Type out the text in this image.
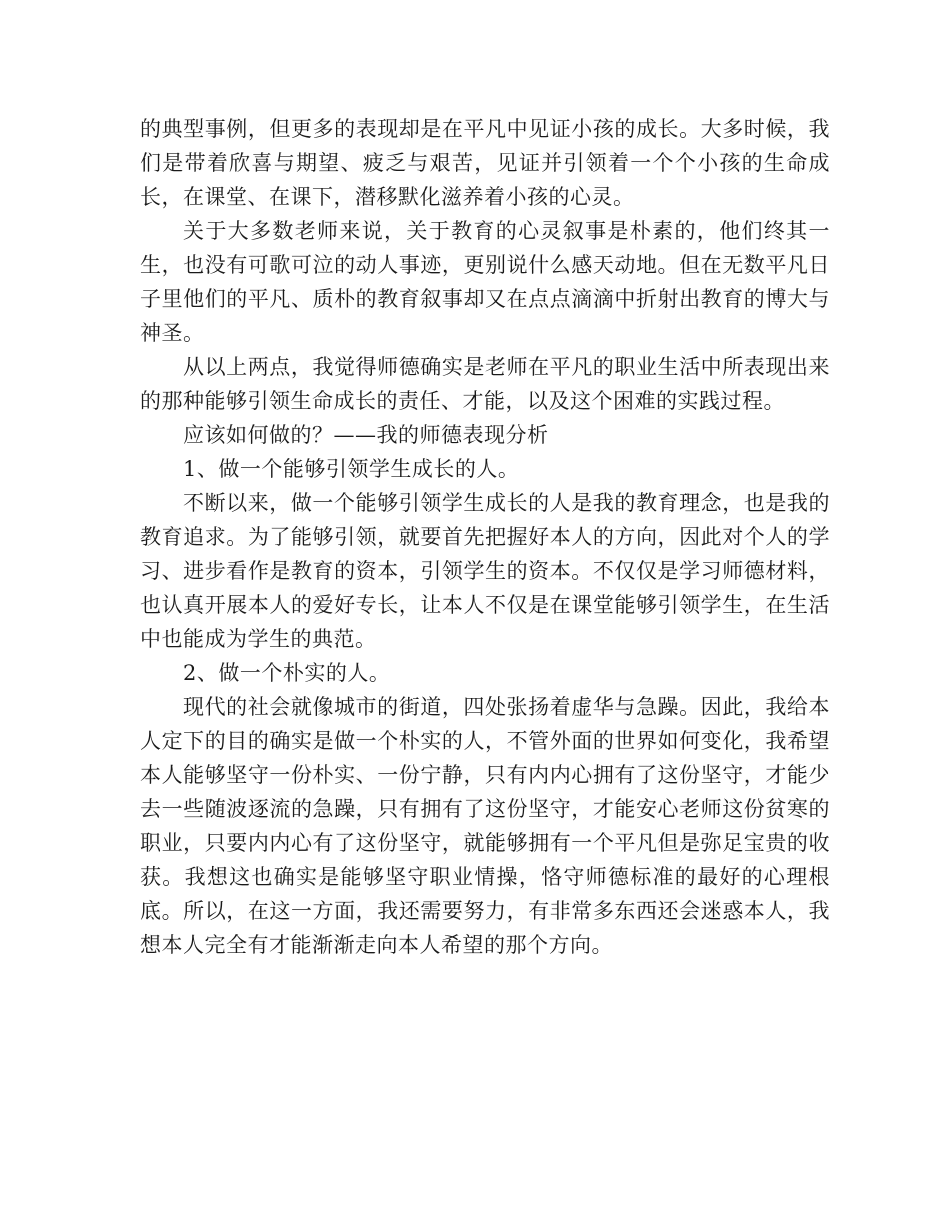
的典型事例，但更多的表现却是在平凡中见证小孩的成长。大多时候，我们是带着欣喜与期望、疲乏与艰苦，见证并引领着一个个小孩的生命成长，在课堂、在课下，潜移默化滋养着小孩的心灵。

关于大多数老师来说，关于教育的心灵叙事是朴素的，他们终其一生，也没有可歌可泣的动人事迹，更别说什么感天动地。但在无数平凡日子里他们的平凡、质朴的教育叙事却又在点点滴滴中折射出教育的博大与神圣。

从以上两点，我觉得师德确实是老师在平凡的职业生活中所表现出来的那种能够引领生命成长的责任、才能，以及这个困难的实践过程。

应该如何做的？——我的师德表现分析

1、做一个能够引领学生成长的人。

不断以来，做一个能够引领学生成长的人是我的教育理念，也是我的教育追求。为了能够引领，就要首先把握好本人的方向，因此对个人的学习、进步看作是教育的资本，引领学生的资本。不仅仅是学习师德材料，也认真开展本人的爱好专长，让本人不仅是在课堂能够引领学生，在生活中也能成为学生的典范。

2、做一个朴实的人。

现代的社会就像城市的街道，四处张扬着虚华与急躁。因此，我给本人定下的目的确实是做一个朴实的人，不管外面的世界如何变化，我希望本人能够坚守一份朴实、一份宁静，只有内内心拥有了这份坚守，才能少去一些随波逐流的急躁，只有拥有了这份坚守，才能安心老师这份贫寒的职业，只要内内心有了这份坚守，就能够拥有一个平凡但是弥足宝贵的收获。我想这也确实是能够坚守职业情操，恪守师德标准的最好的心理根底。所以，在这一方面，我还需要努力，有非常多东西还会迷惑本人，我想本人完全有才能渐渐走向本人希望的那个方向。
